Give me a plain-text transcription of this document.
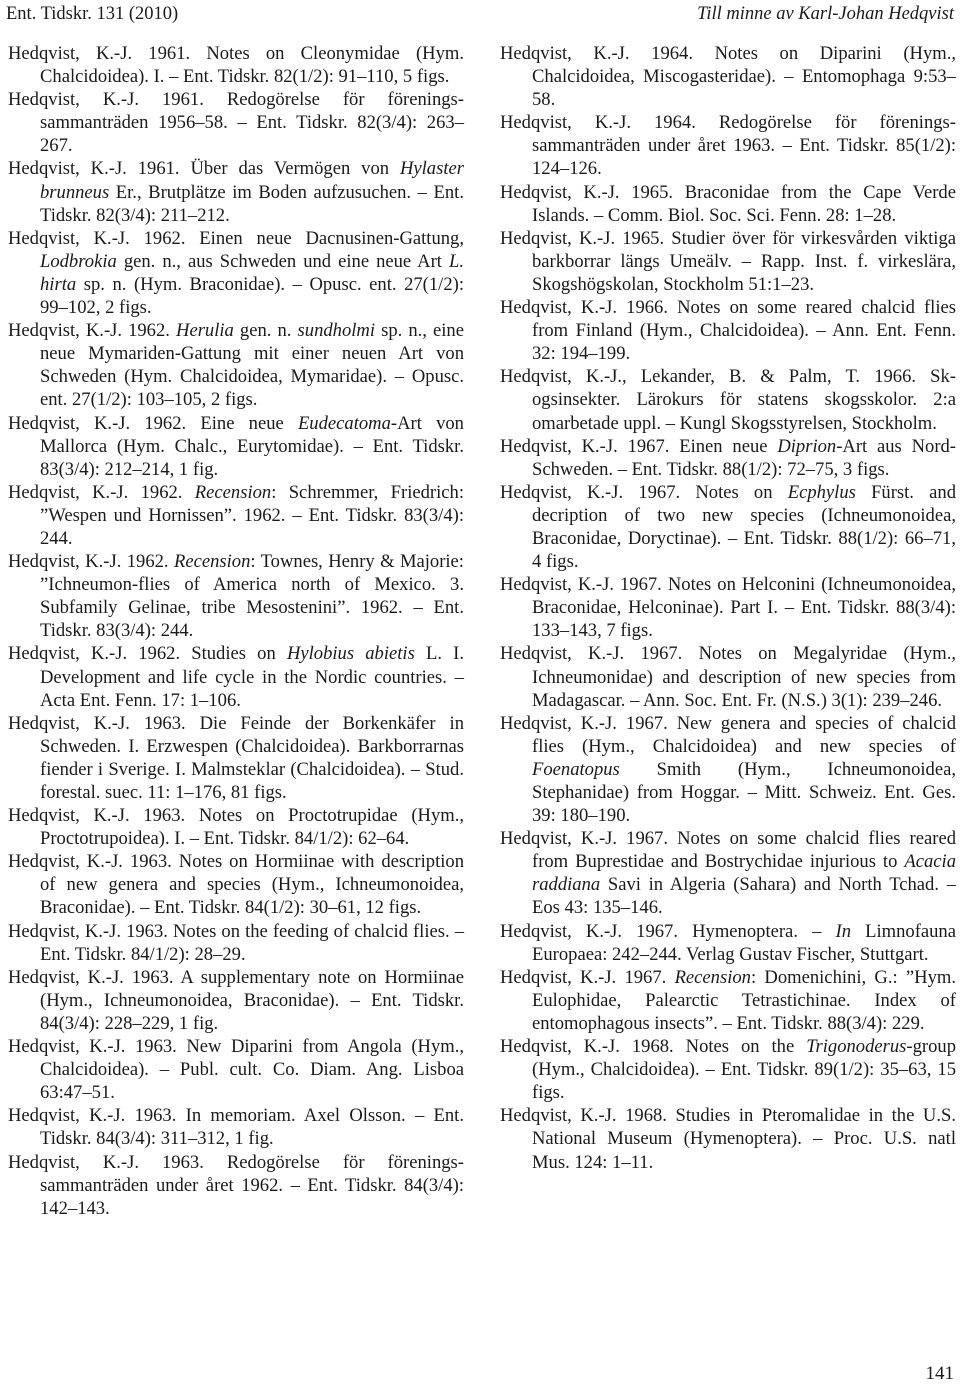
Ent. Tidskr. 131 (2010)	Till minne av Karl-Johan Hedqvist

Hedqvist, K.-J. 1961. Notes on Cleonymidae (Hym. Chalcidoidea). I. – Ent. Tidskr. 82(1/2): 91–110, 5 figs.

Hedqvist, K.-J. 1961. Redogörelse för föreningssammanträden 1956–58. – Ent. Tidskr. 82(3/4): 263–267.

Hedqvist, K.-J. 1961. Über das Vermögen von Hylaster brunneus Er., Brutplätze im Boden aufzusuchen. – Ent. Tidskr. 82(3/4): 211–212.

Hedqvist, K.-J. 1962. Einen neue Dacnusinen-Gattung, Lodbrokia gen. n., aus Schweden und eine neue Art L. hirta sp. n. (Hym. Braconidae). – Opusc. ent. 27(1/2): 99–102, 2 figs.

Hedqvist, K.-J. 1962. Herulia gen. n. sundholmi sp. n., eine neue Mymariden-Gattung mit einer neuen Art von Schweden (Hym. Chalcidoidea, Mymaridae). – Opusc. ent. 27(1/2): 103–105, 2 figs.

Hedqvist, K.-J. 1962. Eine neue Eudecatoma-Art von Mallorca (Hym. Chalc., Eurytomidae). – Ent. Tidskr. 83(3/4): 212–214, 1 fig.

Hedqvist, K.-J. 1962. Recension: Schremmer, Friedrich: ”Wespen und Hornissen”. 1962. – Ent. Tidskr. 83(3/4): 244.

Hedqvist, K.-J. 1962. Recension: Townes, Henry & Majorie: ”Ichneumon-flies of America north of Mexico. 3. Subfamily Gelinae, tribe Mesostenini”. 1962. – Ent. Tidskr. 83(3/4): 244.

Hedqvist, K.-J. 1962. Studies on Hylobius abietis L. I. Development and life cycle in the Nordic countries. – Acta Ent. Fenn. 17: 1–106.

Hedqvist, K.-J. 1963. Die Feinde der Borkenkäfer in Schweden. I. Erzwespen (Chalcidoidea). Barkborrarnas fiender i Sverige. I. Malmsteklar (Chalcidoidea). – Stud. forestal. suec. 11: 1–176, 81 figs.

Hedqvist, K.-J. 1963. Notes on Proctotrupidae (Hym., Proctotrupoidea). I. – Ent. Tidskr. 84/1/2): 62–64.

Hedqvist, K.-J. 1963. Notes on Hormiinae with description of new genera and species (Hym., Ichneumonoidea, Braconidae). – Ent. Tidskr. 84(1/2): 30–61, 12 figs.

Hedqvist, K.-J. 1963. Notes on the feeding of chalcid flies. – Ent. Tidskr. 84/1/2): 28–29.

Hedqvist, K.-J. 1963. A supplementary note on Hormiinae (Hym., Ichneumonoidea, Braconidae). – Ent. Tidskr. 84(3/4): 228–229, 1 fig.

Hedqvist, K.-J. 1963. New Diparini from Angola (Hym., Chalcidoidea). – Publ. cult. Co. Diam. Ang. Lisboa 63:47–51.

Hedqvist, K.-J. 1963. In memoriam. Axel Olsson. – Ent. Tidskr. 84(3/4): 311–312, 1 fig.

Hedqvist, K.-J. 1963. Redogörelse för föreningssammanträden under året 1962. – Ent. Tidskr. 84(3/4): 142–143.

Hedqvist, K.-J. 1964. Notes on Diparini (Hym., Chalcidoidea, Miscogasteridae). – Entomophaga 9:53–58.

Hedqvist, K.-J. 1964. Redogörelse för föreningssammanträden under året 1963. – Ent. Tidskr. 85(1/2): 124–126.

Hedqvist, K.-J. 1965. Braconidae from the Cape Verde Islands. – Comm. Biol. Soc. Sci. Fenn. 28: 1–28.

Hedqvist, K.-J. 1965. Studier över för virkesvården viktiga barkborrar längs Umeälv. – Rapp. Inst. f. virkeslära, Skogshögskolan, Stockholm 51:1–23.

Hedqvist, K.-J. 1966. Notes on some reared chalcid flies from Finland (Hym., Chalcidoidea). – Ann. Ent. Fenn. 32: 194–199.

Hedqvist, K.-J., Lekander, B. & Palm, T. 1966. Skogsinsekter. Lärokurs för statens skogsskolor. 2:a omarbetade uppl. – Kungl Skogsstyrelsen, Stockholm.

Hedqvist, K.-J. 1967. Einen neue Diprion-Art aus Nord-Schweden. – Ent. Tidskr. 88(1/2): 72–75, 3 figs.

Hedqvist, K.-J. 1967. Notes on Ecphylus Fürst. and decription of two new species (Ichneumonoidea, Braconidae, Doryctinae). – Ent. Tidskr. 88(1/2): 66–71, 4 figs.

Hedqvist, K.-J. 1967. Notes on Helconini (Ichneumonoidea, Braconidae, Helconinae). Part I. – Ent. Tidskr. 88(3/4): 133–143, 7 figs.

Hedqvist, K.-J. 1967. Notes on Megalyridae (Hym., Ichneumonidae) and description of new species from Madagascar. – Ann. Soc. Ent. Fr. (N.S.) 3(1): 239–246.

Hedqvist, K.-J. 1967. New genera and species of chalcid flies (Hym., Chalcidoidea) and new species of Foenatopus Smith (Hym., Ichneumonoidea, Stephanidae) from Hoggar. – Mitt. Schweiz. Ent. Ges. 39: 180–190.

Hedqvist, K.-J. 1967. Notes on some chalcid flies reared from Buprestidae and Bostrychidae injurious to Acacia raddiana Savi in Algeria (Sahara) and North Tchad. – Eos 43: 135–146.

Hedqvist, K.-J. 1967. Hymenoptera. – In Limnofauna Europaea: 242–244. Verlag Gustav Fischer, Stuttgart.

Hedqvist, K.-J. 1967. Recension: Domenichini, G.: ”Hym. Eulophidae, Palearctic Tetrastichinae. Index of entomophagous insects”. – Ent. Tidskr. 88(3/4): 229.

Hedqvist, K.-J. 1968. Notes on the Trigonoderus-group (Hym., Chalcidoidea). – Ent. Tidskr. 89(1/2): 35–63, 15 figs.

Hedqvist, K.-J. 1968. Studies in Pteromalidae in the U.S. National Museum (Hymenoptera). – Proc. U.S. natl Mus. 124: 1–11.

141
